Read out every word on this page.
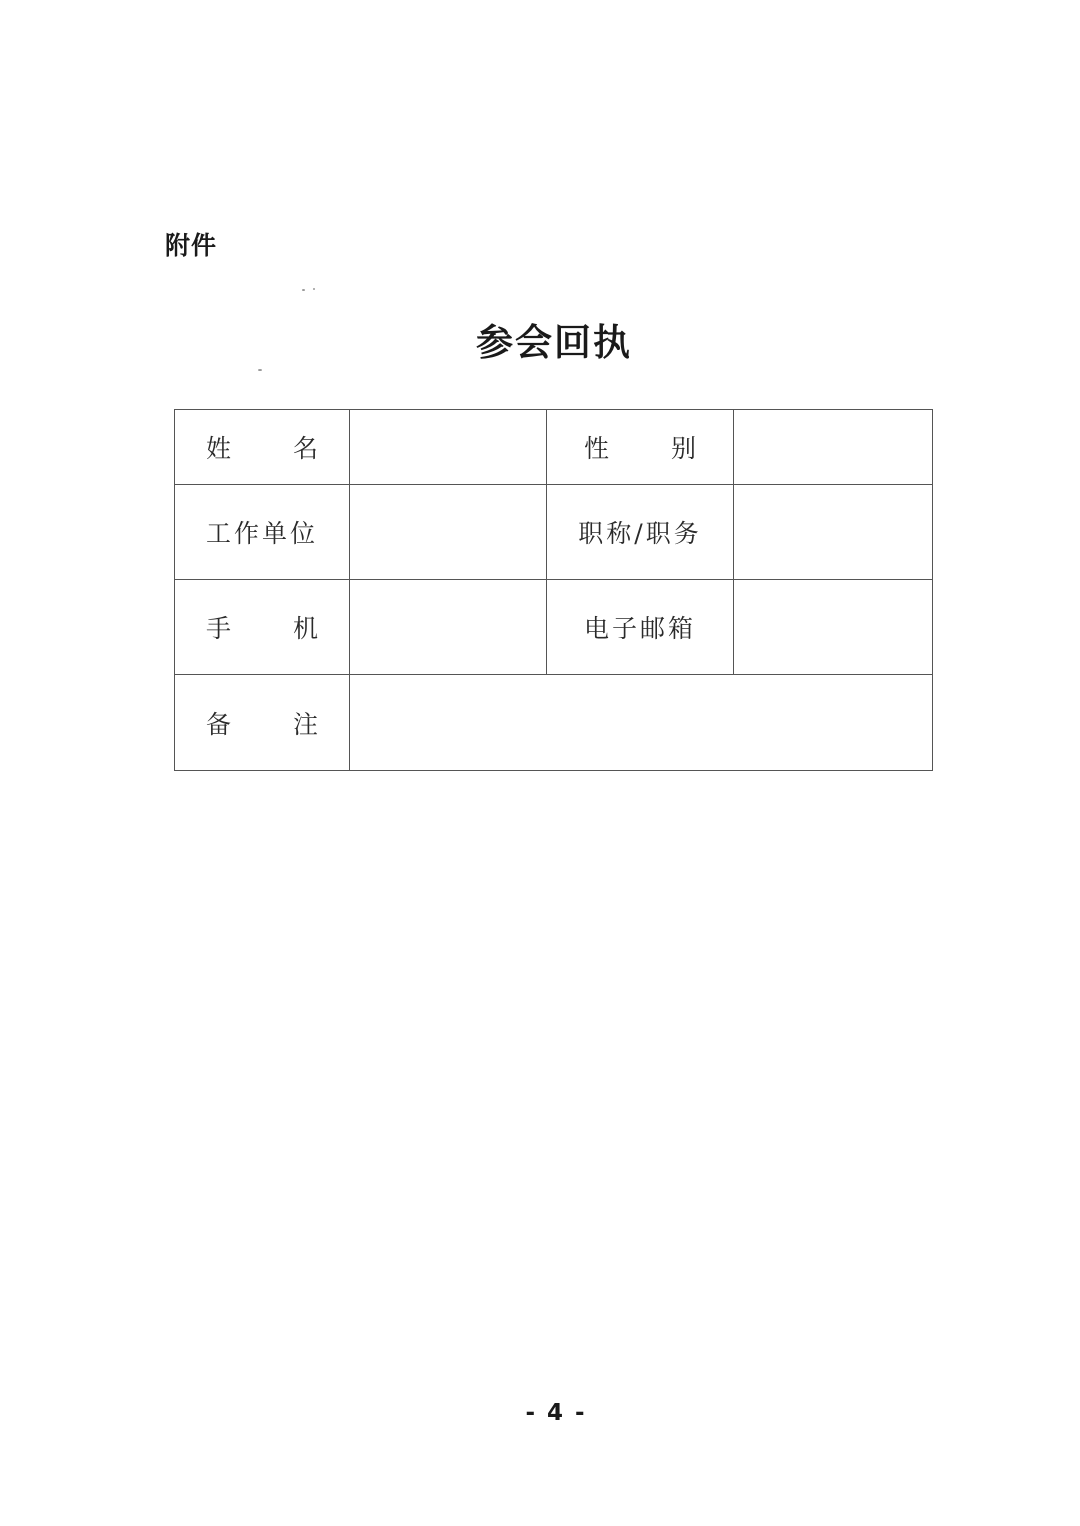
附件
参会回执
姓 名		性 别	

工作单位		职称/职务	

手 机		电子邮箱	

备 注			

- 4 -
